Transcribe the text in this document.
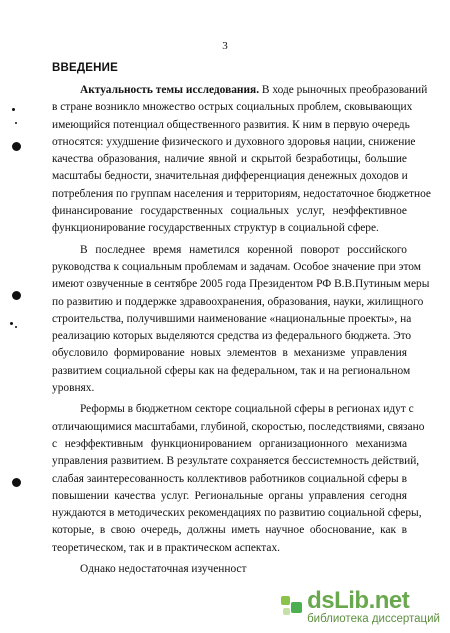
3
ВВЕДЕНИЕ
Актуальность темы исследования. В ходе рыночных преобразований
в стране возникло множество острых социальных проблем, сковывающих
имеющийся потенциал общественного развития. К ним в первую очередь
относятся: ухудшение физического и духовного здоровья нации, снижение
качества образования, наличие явной и скрытой безработицы, большие
масштабы бедности, значительная дифференциация денежных доходов и
потребления по группам населения и территориям, недостаточное бюджетное
финансирование государственных социальных услуг, неэффективное
функционирование государственных структур в социальной сфере.
В последнее время наметился коренной поворот российского
руководства к социальным проблемам и задачам. Особое значение при этом
имеют озвученные в сентябре 2005 года Президентом РФ В.В.Путиным меры
по развитию и поддержке здравоохранения, образования, науки, жилищного
строительства, получившими наименование «национальные проекты», на
реализацию которых выделяются средства из федерального бюджета. Это
обусловило формирование новых элементов в механизме управления
развитием социальной сферы как на федеральном, так и на региональном
уровнях.
Реформы в бюджетном секторе социальной сферы в регионах идут с
отличающимися масштабами, глубиной, скоростью, последствиями, связано
с неэффективным функционированием организационного механизма
управления развитием. В результате сохраняется бессистемность действий,
слабая заинтересованность коллективов работников социальной сферы в
повышении качества услуг. Региональные органы управления сегодня
нуждаются в методических рекомендациях по развитию социальной сферы,
которые, в свою очередь, должны иметь научное обоснование, как в
теоретическом, так и в практическом аспектах.
Однако недостаточная изученност
dsLib.net
библиотека диссертаций
